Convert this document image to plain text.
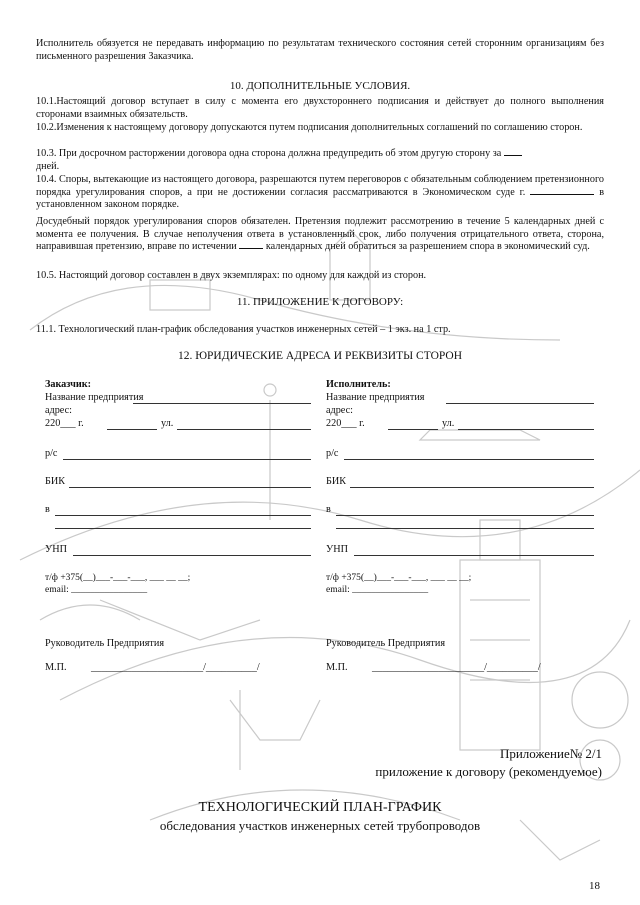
Исполнитель обязуется не передавать информацию по результатам технического состояния сетей сторонним организациям без письменного разрешения Заказчика.

10. ДОПОЛНИТЕЛЬНЫЕ УСЛОВИЯ.

10.1.Настоящий договор вступает в силу с момента его двухстороннего подписания и действует до полного выполнения сторонами взаимных обязательств.

10.2.Изменения к настоящему договору допускаются путем подписания дополнительных соглашений по соглашению сторон.

10.3. При досрочном расторжении договора одна сторона должна предупредить об этом другую сторону за
дней.

10.4. Споры, вытекающие из настоящего договора, разрешаются путем переговоров с обязательным соблюдением претензионного порядка урегулирования споров, а при не достижении согласия рассматриваются в Экономическом суде г.	в установленном законом порядке.

Досудебный порядок урегулирования споров обязателен. Претензия подлежит рассмотрению в течение 5 календарных дней с момента ее получения. В случае неполучения ответа в установленный срок, либо получения отрицательного ответа, сторона, направившая претензию, вправе по истечении	календарных дней обратиться за разрешением спора в экономический суд.

10.5. Настоящий договор составлен в двух экземплярах: по одному для каждой из сторон.

11. ПРИЛОЖЕНИЕ К ДОГОВОРУ:

11.1. Технологический план-график обследования участков инженерных сетей – 1 экз. на 1 стр.

12. ЮРИДИЧЕСКИЕ АДРЕСА И РЕКВИЗИТЫ СТОРОН

Заказчик:
Название предприятия
адрес:
220___ г.	ул.
р/с
БИК
в
УНП
т/ф +375(__)___-___-___, ___ __ __;
email: ________________
Руководитель Предприятия
М.П. ______________________/__________/
Исполнитель:
Название предприятия
адрес:
220___ г.	ул.
р/с
БИК
в
УНП
т/ф +375(__)___-___-___, ___ __ __;
email: ________________
Руководитель Предприятия
М.П. ______________________/__________/
Приложение№ 2/1
приложение к договору (рекомендуемое)
ТЕХНОЛОГИЧЕСКИЙ ПЛАН-ГРАФИК
обследования участков инженерных сетей трубопроводов
18
